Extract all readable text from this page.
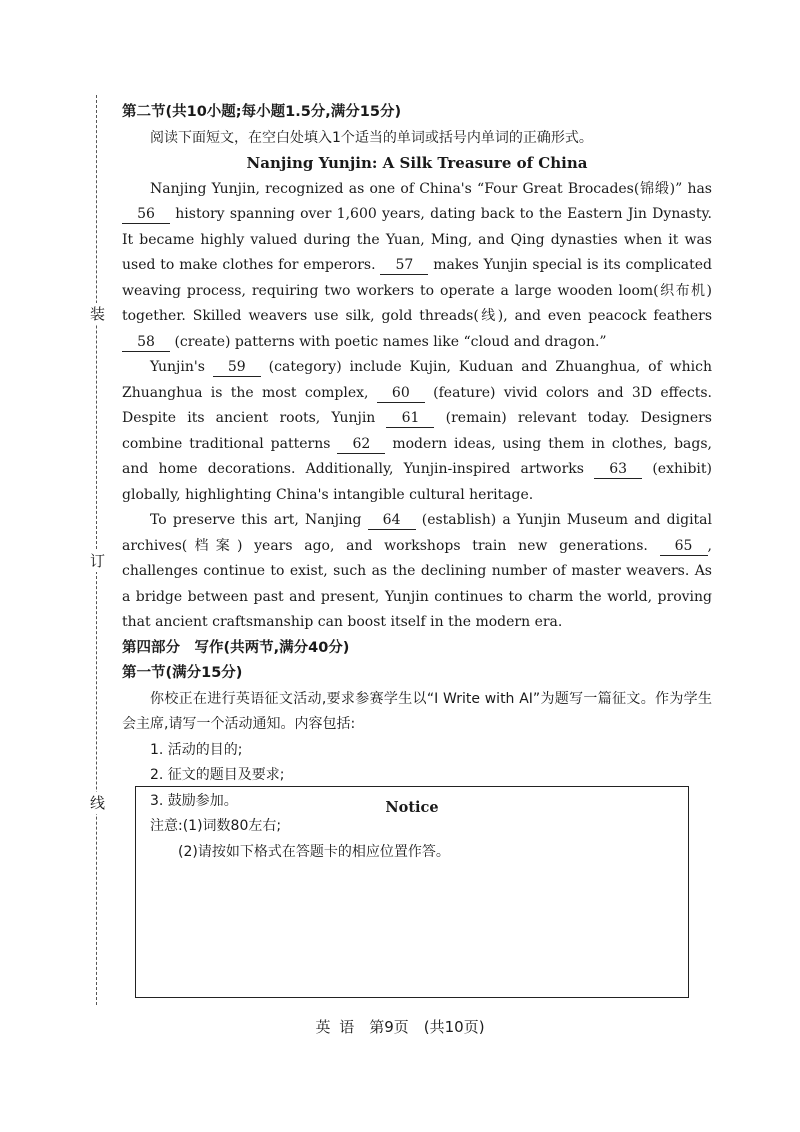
装
订
线
第二节(共10小题;每小题1.5分,满分15分)
阅读下面短文，在空白处填入1个适当的单词或括号内单词的正确形式。
Nanjing Yunjin: A Silk Treasure of China

Nanjing Yunjin, recognized as one of China's “Four Great Brocades(锦缎)” has 56 history spanning over 1,600 years, dating back to the Eastern Jin Dynasty. It became highly valued during the Yuan, Ming, and Qing dynasties when it was used to make clothes for emperors. 57 makes Yunjin special is its complicated weaving process, requiring two workers to operate a large wooden loom(织布机) together. Skilled weavers use silk, gold threads(线), and even peacock feathers 58 (create) patterns with poetic names like “cloud and dragon.”

Yunjin's 59 (category) include Kujin, Kuduan and Zhuanghua, of which Zhuanghua is the most complex, 60 (feature) vivid colors and 3D effects. Despite its ancient roots, Yunjin 61 (remain) relevant today. Designers combine traditional patterns 62 modern ideas, using them in clothes, bags, and home decorations. Additionally, Yunjin-inspired artworks 63 (exhibit) globally, highlighting China's intangible cultural heritage.

To preserve this art, Nanjing 64 (establish) a Yunjin Museum and digital archives(档案) years ago, and workshops train new generations. 65 , challenges continue to exist, such as the declining number of master weavers. As a bridge between past and present, Yunjin continues to charm the world, proving that ancient craftsmanship can boost itself in the modern era.

第四部分　写作(共两节,满分40分)
第一节(满分15分)
你校正在进行英语征文活动,要求参赛学生以“I Write with AI”为题写一篇征文。作为学生会主席,请写一个活动通知。内容包括:
1. 活动的目的;
2. 征文的题目及要求;
3. 鼓励参加。
注意:(1)词数80左右;
(2)请按如下格式在答题卡的相应位置作答。
Notice
英 语　第9页　(共10页)
